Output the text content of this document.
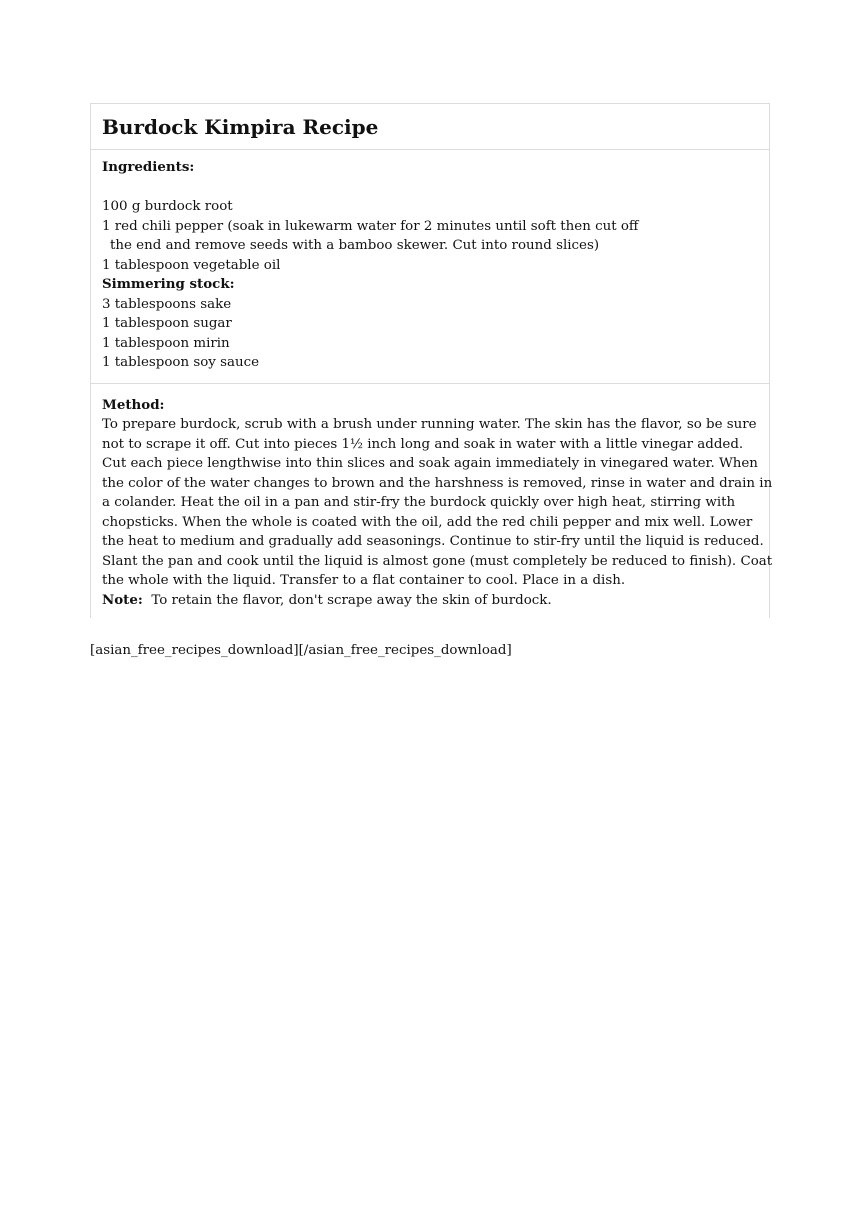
Burdock Kimpira Recipe

Ingredients:

100 g burdock root

1 red chili pepper (soak in lukewarm water for 2 minutes until soft then cut off

the end and remove seeds with a bamboo skewer. Cut into round slices)

1 tablespoon vegetable oil

Simmering stock:

3 tablespoons sake

1 tablespoon sugar

1 tablespoon mirin

1 tablespoon soy sauce

Method:

To prepare burdock, scrub with a brush under running water. The skin has the flavor, so be sure

not to scrape it off. Cut into pieces 1½ inch long and soak in water with a little vinegar added.

Cut each piece lengthwise into thin slices and soak again immediately in vinegared water. When

the color of the water changes to brown and the harshness is removed, rinse in water and drain in

a colander. Heat the oil in a pan and stir-fry the burdock quickly over high heat, stirring with

chopsticks. When the whole is coated with the oil, add the red chili pepper and mix well. Lower

the heat to medium and gradually add seasonings. Continue to stir-fry until the liquid is reduced.

Slant the pan and cook until the liquid is almost gone (must completely be reduced to finish). Coat

the whole with the liquid. Transfer to a flat container to cool. Place in a dish.

Note:  To retain the flavor, don't scrape away the skin of burdock.

[asian_free_recipes_download][/asian_free_recipes_download]
